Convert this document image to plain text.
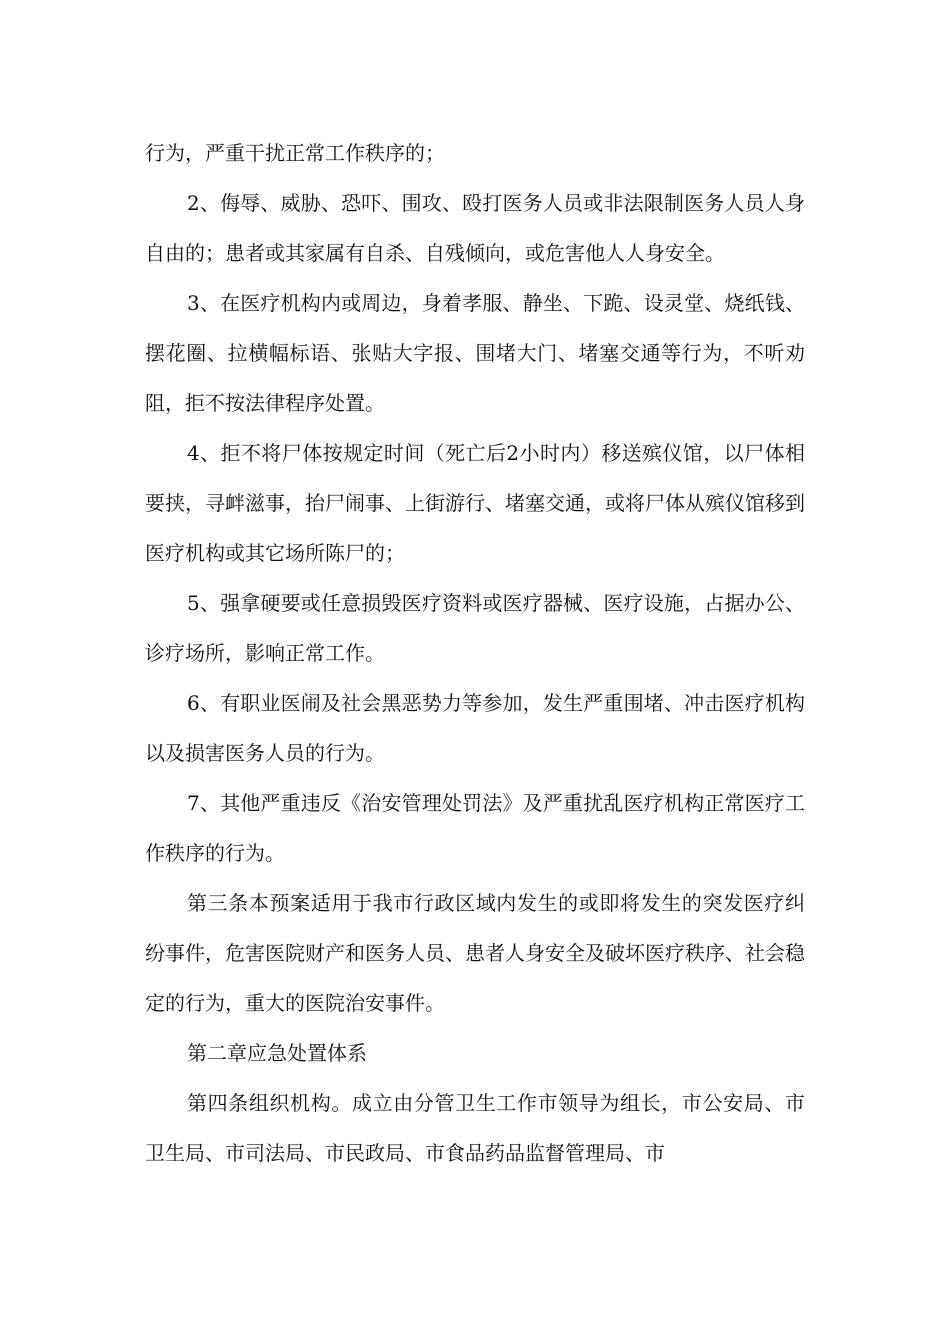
行为，严重干扰正常工作秩序的；

2、侮辱、威胁、恐吓、围攻、殴打医务人员或非法限制医务人员人身自由的；患者或其家属有自杀、自残倾向，或危害他人人身安全。

3、在医疗机构内或周边，身着孝服、静坐、下跪、设灵堂、烧纸钱、摆花圈、拉横幅标语、张贴大字报、围堵大门、堵塞交通等行为，不听劝阻，拒不按法律程序处置。

4、拒不将尸体按规定时间（死亡后2小时内）移送殡仪馆，以尸体相要挟，寻衅滋事，抬尸闹事、上街游行、堵塞交通，或将尸体从殡仪馆移到医疗机构或其它场所陈尸的；

5、强拿硬要或任意损毁医疗资料或医疗器械、医疗设施，占据办公、诊疗场所，影响正常工作。

6、有职业医闹及社会黑恶势力等参加，发生严重围堵、冲击医疗机构以及损害医务人员的行为。

7、其他严重违反《治安管理处罚法》及严重扰乱医疗机构正常医疗工作秩序的行为。

第三条本预案适用于我市行政区域内发生的或即将发生的突发医疗纠纷事件，危害医院财产和医务人员、患者人身安全及破坏医疗秩序、社会稳定的行为，重大的医院治安事件。

第二章应急处置体系

第四条组织机构。成立由分管卫生工作市领导为组长，市公安局、市卫生局、市司法局、市民政局、市食品药品监督管理局、市
